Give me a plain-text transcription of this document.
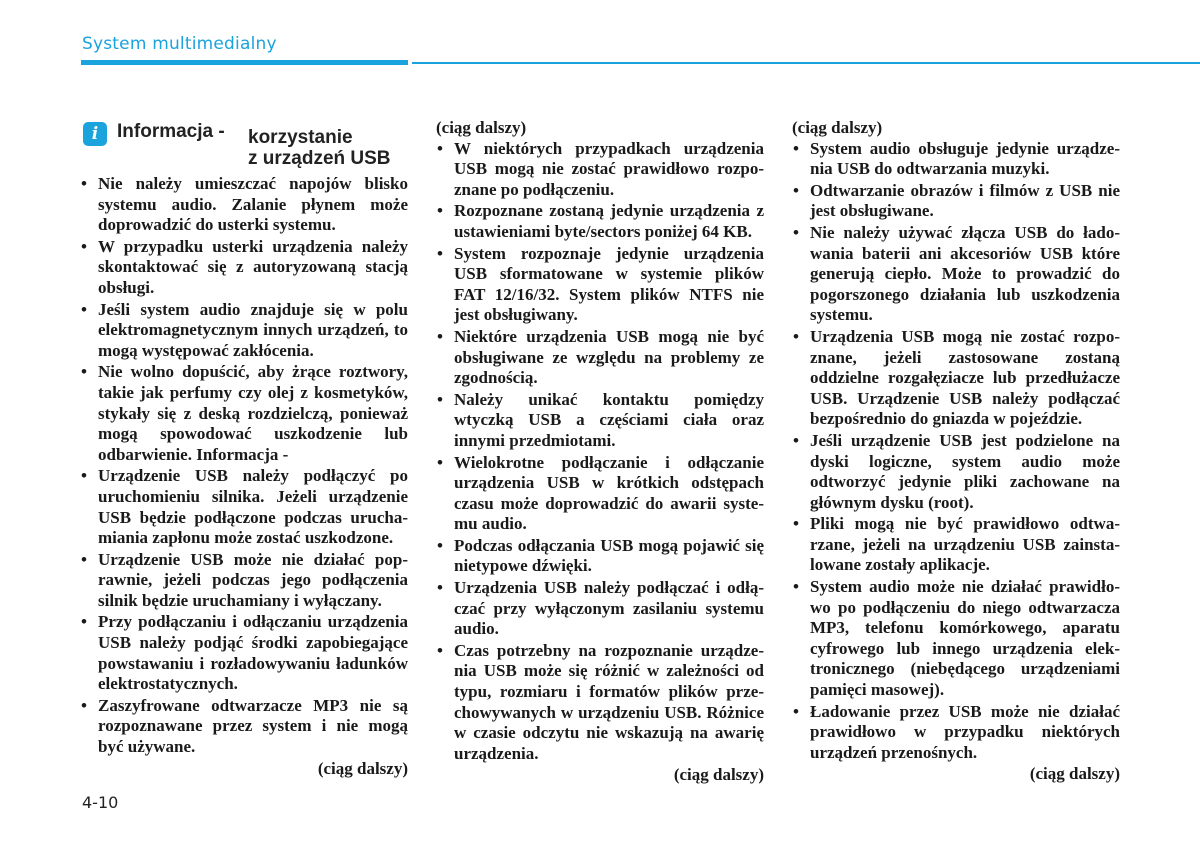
System multimedialny
i Informacja - korzystanie
z urządzeń USB
• Nie należy umieszczać napojów blisko systemu audio. Zalanie płynem może doprowadzić do usterki systemu.
• W przypadku usterki urządzenia należy skontaktować się z autoryzowaną stacją obsługi.
• Jeśli system audio znajduje się w polu elektromagnetycznym innych urządzeń, to mogą występować zakłócenia.
• Nie wolno dopuścić, aby żrące roztwory, takie jak perfumy czy olej z kosmetyków, stykały się z deską rozdzielczą, ponieważ mogą spowodować uszkodzenie lub odbarwienie. Informacja -
• Urządzenie USB należy podłączyć po uruchomieniu silnika. Jeżeli urządzenie USB będzie podłączone podczas uruchamiania zapłonu może zostać uszkodzone.
• Urządzenie USB może nie działać poprawnie, jeżeli podczas jego podłączenia silnik będzie uruchamiany i wyłączany.
• Przy podłączaniu i odłączaniu urządzenia USB należy podjąć środki zapobiegające powstawaniu i rozładowywaniu ładunków elektrostatycznych.
• Zaszyfrowane odtwarzacze MP3 nie są rozpoznawane przez system i nie mogą być używane.
(ciąg dalszy)
(ciąg dalszy)
• W niektórych przypadkach urządzenia USB mogą nie zostać prawidłowo rozpoznane po podłączeniu.
• Rozpoznane zostaną jedynie urządzenia z ustawieniami byte/sectors poniżej 64 KB.
• System rozpoznaje jedynie urządzenia USB sformatowane w systemie plików FAT 12/16/32. System plików NTFS nie jest obsługiwany.
• Niektóre urządzenia USB mogą nie być obsługiwane ze względu na problemy ze zgodnością.
• Należy unikać kontaktu pomiędzy wtyczką USB a częściami ciała oraz innymi przedmiotami.
• Wielokrotne podłączanie i odłączanie urządzenia USB w krótkich odstępach czasu może doprowadzić do awarii systemu audio.
• Podczas odłączania USB mogą pojawić się nietypowe dźwięki.
• Urządzenia USB należy podłączać i odłączać przy wyłączonym zasilaniu systemu audio.
• Czas potrzebny na rozpoznanie urządzenia USB może się różnić w zależności od typu, rozmiaru i formatów plików przechowywanych w urządzeniu USB. Różnice w czasie odczytu nie wskazują na awarię urządzenia.
(ciąg dalszy)
(ciąg dalszy)
• System audio obsługuje jedynie urządzenia USB do odtwarzania muzyki.
• Odtwarzanie obrazów i filmów z USB nie jest obsługiwane.
• Nie należy używać złącza USB do ładowania baterii ani akcesoriów USB które generują ciepło. Może to prowadzić do pogorszonego działania lub uszkodzenia systemu.
• Urządzenia USB mogą nie zostać rozpoznane, jeżeli zastosowane zostaną oddzielne rozgałęziacze lub przedłużacze USB. Urządzenie USB należy podłączać bezpośrednio do gniazda w pojeździe.
• Jeśli urządzenie USB jest podzielone na dyski logiczne, system audio może odtworzyć jedynie pliki zachowane na głównym dysku (root).
• Pliki mogą nie być prawidłowo odtwarzane, jeżeli na urządzeniu USB zainstalowane zostały aplikacje.
• System audio może nie działać prawidłowo po podłączeniu do niego odtwarzacza MP3, telefonu komórkowego, aparatu cyfrowego lub innego urządzenia elektronicznego (niebędącego urządzeniami pamięci masowej).
• Ładowanie przez USB może nie działać prawidłowo w przypadku niektórych urządzeń przenośnych.
(ciąg dalszy)
4-10
